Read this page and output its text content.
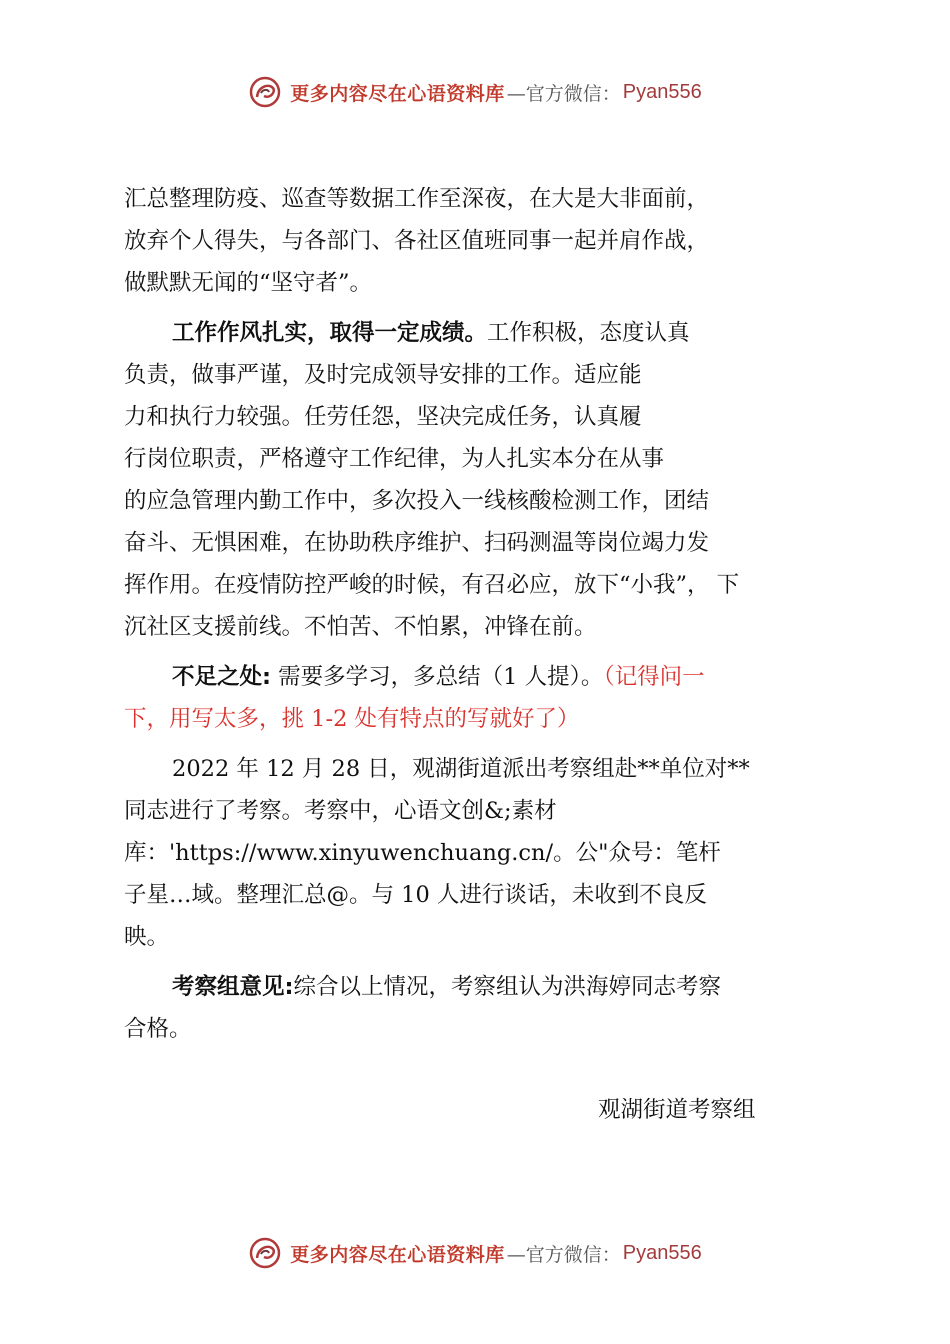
更多内容尽在心语资料库 —官方微信： Pyan556

汇总整理防疫、巡查等数据工作至深夜，在大是大非面前，
放弃个人得失，与各部门、各社区值班同事一起并肩作战，
做默默无闻的“坚守者”。

工作作风扎实，取得一定成绩。工作积极，态度认真
负责，做事严谨，及时完成领导安排的工作。适应能
力和执行力较强。任劳任怨，坚决完成任务，认真履
行岗位职责，严格遵守工作纪律，为人扎实本分在从事
的应急管理内勤工作中，多次投入一线核酸检测工作，团结
奋斗、无惧困难，在协助秩序维护、扫码测温等岗位竭力发
挥作用。在疫情防控严峻的时候，有召必应，放下“小我”， 下
沉社区支援前线。不怕苦、不怕累，冲锋在前。

不足之处: 需要多学习，多总结（1 人提）。（记得问一
下，用写太多，挑 1-2 处有特点的写就好了）

2022 年 12 月 28 日，观湖街道派出考察组赴**单位对**
同志进行了考察。考察中，心语文创&;素材
库：'https://www.xinyuwenchuang.cn/。公"众号：笔杆
子星…域。整理汇总@。与 10 人进行谈话，未收到不良反
映。

考察组意见:综合以上情况，考察组认为洪海婷同志考察
合格。

观湖街道考察组
更多内容尽在心语资料库 —官方微信： Pyan556
